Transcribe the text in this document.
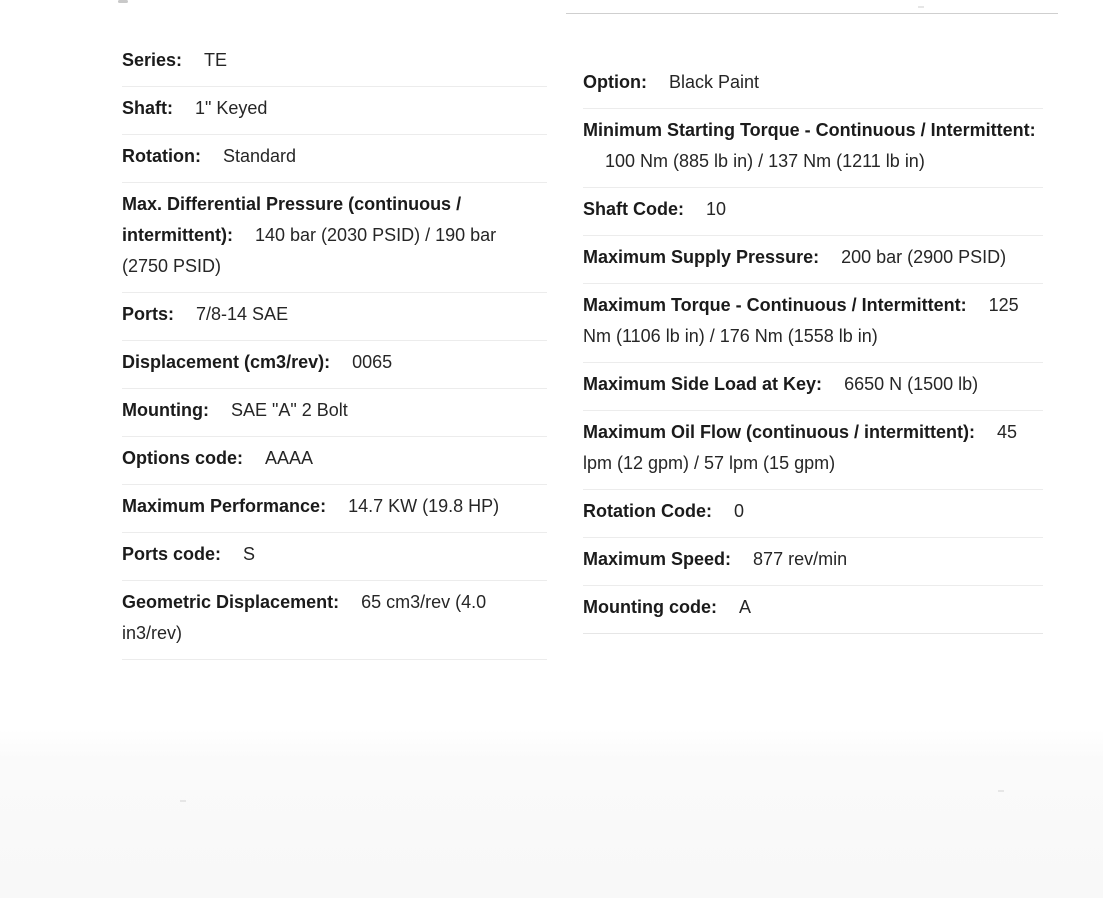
Series: TE
Shaft: 1" Keyed
Rotation: Standard
Max. Differential Pressure (continuous / intermittent): 140 bar (2030 PSID) / 190 bar (2750 PSID)
Ports: 7/8-14 SAE
Displacement (cm3/rev): 0065
Mounting: SAE "A" 2 Bolt
Options code: AAAA
Maximum Performance: 14.7 KW (19.8 HP)
Ports code: S
Geometric Displacement: 65 cm3/rev (4.0 in3/rev)
Option: Black Paint
Minimum Starting Torque - Continuous / Intermittent:100 Nm (885 lb in) / 137 Nm (1211 lb in)
Shaft Code: 10
Maximum Supply Pressure: 200 bar (2900 PSID)
Maximum Torque - Continuous / Intermittent: 125 Nm (1106 lb in) / 176 Nm (1558 lb in)
Maximum Side Load at Key: 6650 N (1500 lb)
Maximum Oil Flow (continuous / intermittent): 45 lpm (12 gpm) / 57 lpm (15 gpm)
Rotation Code: 0
Maximum Speed: 877 rev/min
Mounting code: A
